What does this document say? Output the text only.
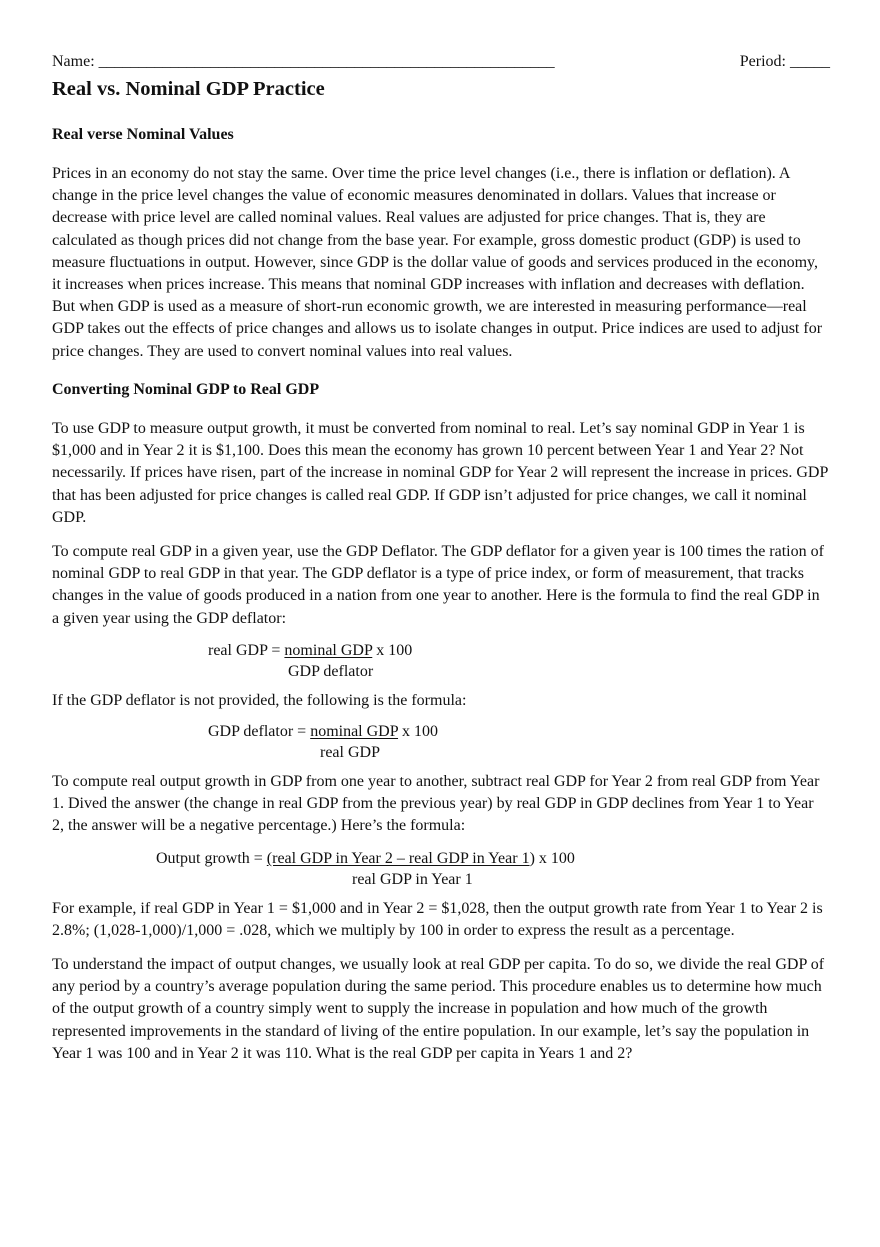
Name: _________________________________________________________	Period: _____
Real vs. Nominal GDP Practice
Real verse Nominal Values

Prices in an economy do not stay the same. Over time the price level changes (i.e., there is inflation or deflation). A change in the price level changes the value of economic measures denominated in dollars. Values that increase or decrease with price level are called nominal values. Real values are adjusted for price changes. That is, they are calculated as though prices did not change from the base year. For example, gross domestic product (GDP) is used to measure fluctuations in output. However, since GDP is the dollar value of goods and services produced in the economy, it increases when prices increase. This means that nominal GDP increases with inflation and decreases with deflation. But when GDP is used as a measure of short-run economic growth, we are interested in measuring performance—real GDP takes out the effects of price changes and allows us to isolate changes in output. Price indices are used to adjust for price changes. They are used to convert nominal values into real values.

Converting Nominal GDP to Real GDP

To use GDP to measure output growth, it must be converted from nominal to real. Let’s say nominal GDP in Year 1 is $1,000 and in Year 2 it is $1,100. Does this mean the economy has grown 10 percent between Year 1 and Year 2? Not necessarily. If prices have risen, part of the increase in nominal GDP for Year 2 will represent the increase in prices. GDP that has been adjusted for price changes is called real GDP. If GDP isn’t adjusted for price changes, we call it nominal GDP.

To compute real GDP in a given year, use the GDP Deflator. The GDP deflator for a given year is 100 times the ration of nominal GDP to real GDP in that year. The GDP deflator is a type of price index, or form of measurement, that tracks changes in the value of goods produced in a nation from one year to another. Here is the formula to find the real GDP in a given year using the GDP deflator:

real GDP = nominal GDP x 100
GDP deflator

If the GDP deflator is not provided, the following is the formula:

GDP deflator = nominal GDP x 100
real GDP

To compute real output growth in GDP from one year to another, subtract real GDP for Year 2 from real GDP from Year 1. Dived the answer (the change in real GDP from the previous year) by real GDP in GDP declines from Year 1 to Year 2, the answer will be a negative percentage.) Here’s the formula:

Output growth = (real GDP in Year 2 – real GDP in Year 1) x 100
real GDP in Year 1

For example, if real GDP in Year 1 = $1,000 and in Year 2 = $1,028, then the output growth rate from Year 1 to Year 2 is 2.8%; (1,028-1,000)/1,000 = .028, which we multiply by 100 in order to express the result as a percentage.

To understand the impact of output changes, we usually look at real GDP per capita. To do so, we divide the real GDP of any period by a country’s average population during the same period. This procedure enables us to determine how much of the output growth of a country simply went to supply the increase in population and how much of the growth represented improvements in the standard of living of the entire population. In our example, let’s say the population in Year 1 was 100 and in Year 2 it was 110. What is the real GDP per capita in Years 1 and 2?
